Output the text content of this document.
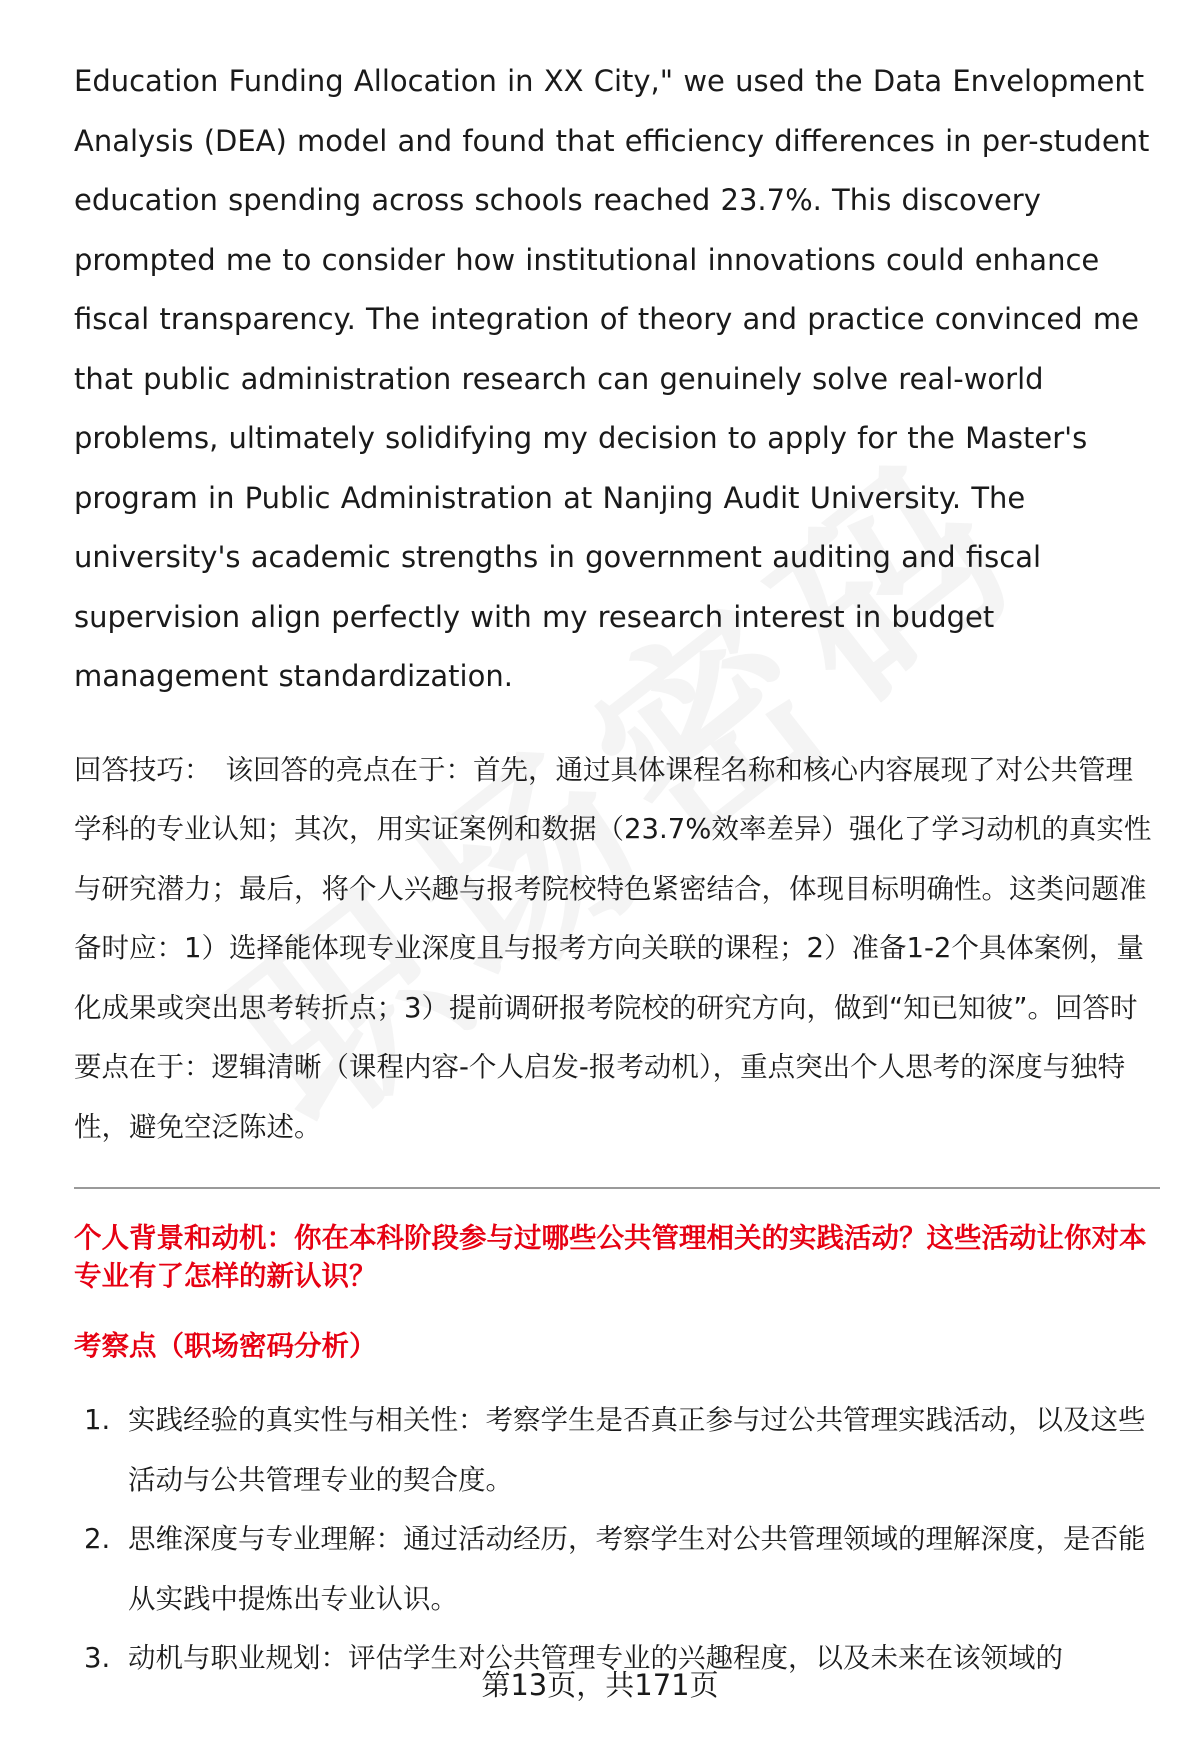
Education Funding Allocation in XX City," we used the Data Envelopment Analysis (DEA) model and found that efficiency differences in per-student education spending across schools reached 23.7%. This discovery prompted me to consider how institutional innovations could enhance fiscal transparency. The integration of theory and practice convinced me that public administration research can genuinely solve real-world problems, ultimately solidifying my decision to apply for the Master's program in Public Administration at Nanjing Audit University. The university's academic strengths in government auditing and fiscal supervision align perfectly with my research interest in budget management standardization.

回答技巧： 该回答的亮点在于：首先，通过具体课程名称和核心内容展现了对公共管理学科的专业认知；其次，用实证案例和数据（23.7%效率差异）强化了学习动机的真实性与研究潜力；最后，将个人兴趣与报考院校特色紧密结合，体现目标明确性。这类问题准备时应：1）选择能体现专业深度且与报考方向关联的课程；2）准备1-2个具体案例，量化成果或突出思考转折点；3）提前调研报考院校的研究方向，做到“知已知彼”。回答时要点在于：逻辑清晰（课程内容-个人启发-报考动机），重点突出个人思考的深度与独特性，避免空泛陈述。

个人背景和动机：你在本科阶段参与过哪些公共管理相关的实践活动？这些活动让你对本专业有了怎样的新认识？

考察点（职场密码分析）

1. 实践经验的真实性与相关性：考察学生是否真正参与过公共管理实践活动，以及这些活动与公共管理专业的契合度。
2. 思维深度与专业理解：通过活动经历，考察学生对公共管理领域的理解深度，是否能从实践中提炼出专业认识。
3. 动机与职业规划：评估学生对公共管理专业的兴趣程度，以及未来在该领域的
第13页，共171页
